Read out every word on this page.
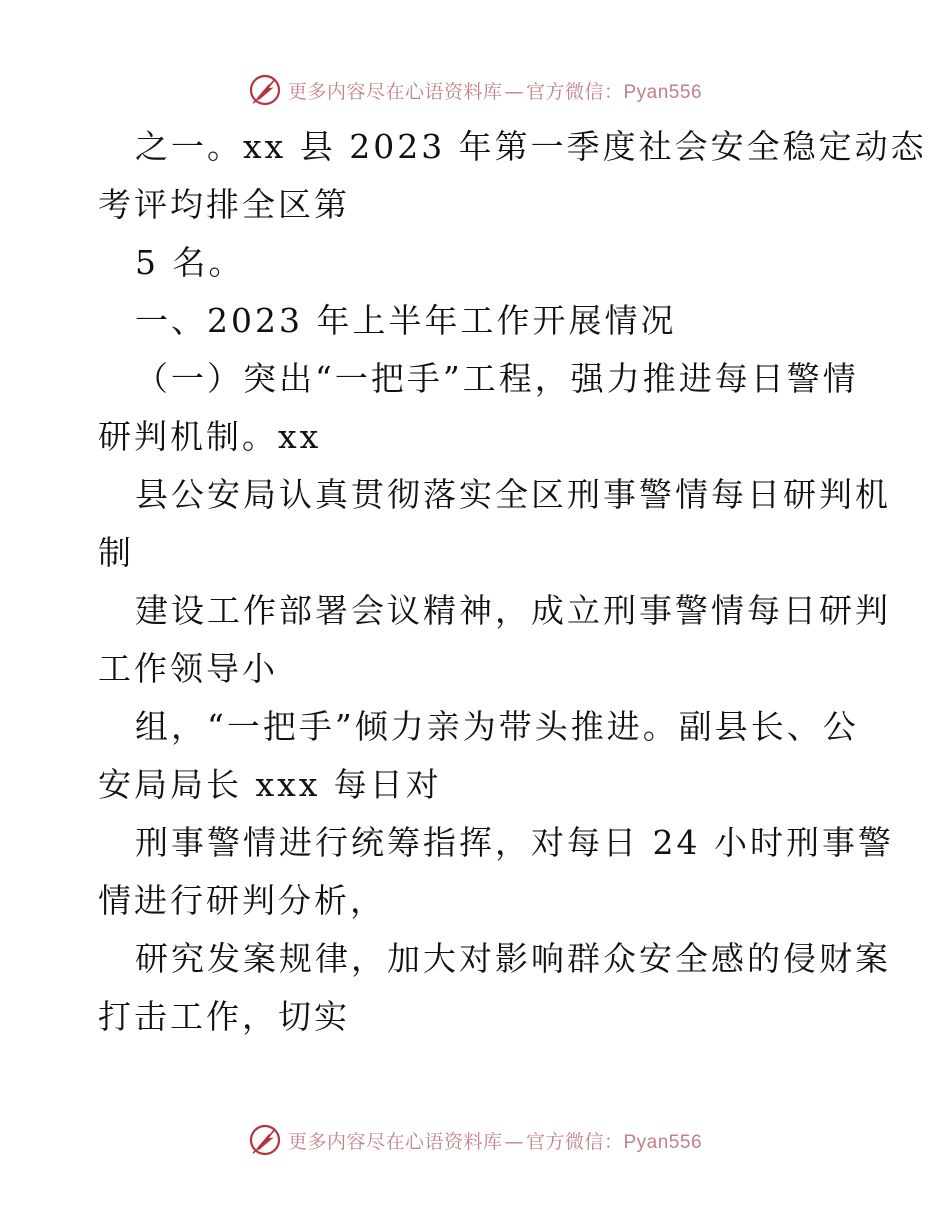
更多内容尽在心语资料库 — 官方微信：Pyan556

之一。xx 县 2023 年第一季度社会安全稳定动态

考评均排全区第

5 名。

一、2023 年上半年工作开展情况

（一）突出“一把手”工程，强力推进每日警情

研判机制。xx

县公安局认真贯彻落实全区刑事警情每日研判机

制

建设工作部署会议精神，成立刑事警情每日研判

工作领导小

组，“一把手”倾力亲为带头推进。副县长、公

安局局长 xxx 每日对

刑事警情进行统筹指挥，对每日 24 小时刑事警

情进行研判分析，

研究发案规律，加大对影响群众安全感的侵财案

打击工作，切实

更多内容尽在心语资料库 — 官方微信：Pyan556
